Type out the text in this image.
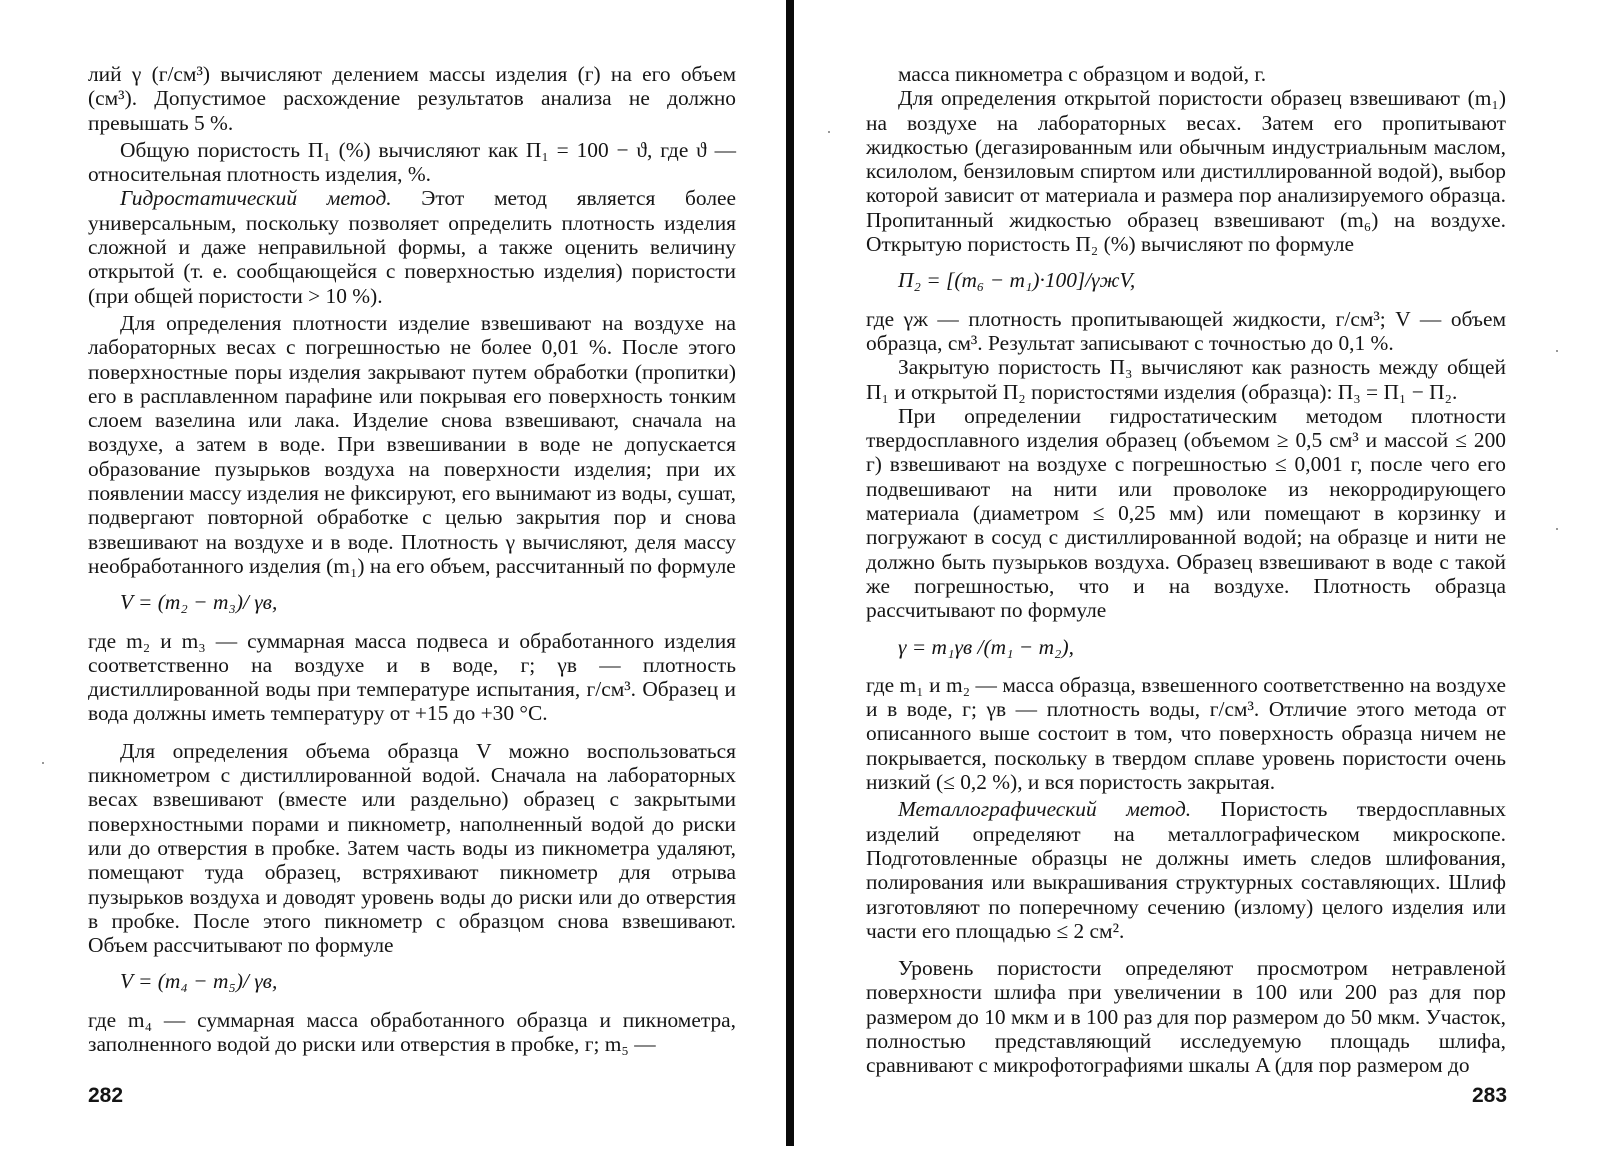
лий γ (г/см³) вычисляют делением массы изделия (г) на его объем (см³). Допустимое расхождение результатов анализа не должно превышать 5 %.

Общую пористость П₁ (%) вычисляют как П₁ = 100 − ϑ, где ϑ — относительная плотность изделия, %.

Гидростатический метод. Этот метод является более универсальным, поскольку позволяет определить плотность изделия сложной и даже неправильной формы, а также оценить величину открытой (т. е. сообщающейся с поверхностью изделия) пористости (при общей пористости > 10 %).

Для определения плотности изделие взвешивают на воздухе на лабораторных весах с погрешностью не более 0,01 %. После этого поверхностные поры изделия закрывают путем обработки (пропитки) его в расплавленном парафине или покрывая его поверхность тонким слоем вазелина или лака. Изделие снова взвешивают, сначала на воздухе, а затем в воде. При взвешивании в воде не допускается образование пузырьков воздуха на поверхности изделия; при их появлении массу изделия не фиксируют, его вынимают из воды, сушат, подвергают повторной обработке с целью закрытия пор и снова взвешивают на воздухе и в воде. Плотность γ вычисляют, деля массу необработанного изделия (m₁) на его объем, рассчитанный по формуле

V = (m₂ − m₃)/ γв,

где m₂ и m₃ — суммарная масса подвеса и обработанного изделия соответственно на воздухе и в воде, г; γв — плотность дистиллированной воды при температуре испытания, г/см³. Образец и вода должны иметь температуру от +15 до +30 °C.

Для определения объема образца V можно воспользоваться пикнометром с дистиллированной водой. Сначала на лабораторных весах взвешивают (вместе или раздельно) образец с закрытыми поверхностными порами и пикнометр, наполненный водой до риски или до отверстия в пробке. Затем часть воды из пикнометра удаляют, помещают туда образец, встряхивают пикнометр для отрыва пузырьков воздуха и доводят уровень воды до риски или до отверстия в пробке. После этого пикнометр с образцом снова взвешивают. Объем рассчитывают по формуле

V = (m₄ − m₅)/ γв,

где m₄ — суммарная масса обработанного образца и пикнометра, заполненного водой до риски или отверстия в пробке, г; m₅ —

282

масса пикнометра с образцом и водой, г.

Для определения открытой пористости образец взвешивают (m₁) на воздухе на лабораторных весах. Затем его пропитывают жидкостью (дегазированным или обычным индустриальным маслом, ксилолом, бензиловым спиртом или дистиллированной водой), выбор которой зависит от материала и размера пор анализируемого образца. Пропитанный жидкостью образец взвешивают (m₆) на воздухе. Открытую пористость П₂ (%) вычисляют по формуле

П₂ = [(m₆ − m₁)·100]/γжV,

где γж — плотность пропитывающей жидкости, г/см³; V — объем образца, см³. Результат записывают с точностью до 0,1 %.

Закрытую пористость П₃ вычисляют как разность между общей П₁ и открытой П₂ пористостями изделия (образца): П₃ = П₁ − П₂.

При определении гидростатическим методом плотности твердосплавного изделия образец (объемом ≥ 0,5 см³ и массой ≤ 200 г) взвешивают на воздухе с погрешностью ≤ 0,001 г, после чего его подвешивают на нити или проволоке из некорродирующего материала (диаметром ≤ 0,25 мм) или помещают в корзинку и погружают в сосуд с дистиллированной водой; на образце и нити не должно быть пузырьков воздуха. Образец взвешивают в воде с такой же погрешностью, что и на воздухе. Плотность образца рассчитывают по формуле

γ = m₁γв /(m₁ − m₂),

где m₁ и m₂ — масса образца, взвешенного соответственно на воздухе и в воде, г; γв — плотность воды, г/см³. Отличие этого метода от описанного выше состоит в том, что поверхность образца ничем не покрывается, поскольку в твердом сплаве уровень пористости очень низкий (≤ 0,2 %), и вся пористость закрытая.

Металлографический метод. Пористость твердосплавных изделий определяют на металлографическом микроскопе. Подготовленные образцы не должны иметь следов шлифования, полирования или выкрашивания структурных составляющих. Шлиф изготовляют по поперечному сечению (излому) целого изделия или части его площадью ≤ 2 см².

Уровень пористости определяют просмотром нетравленой поверхности шлифа при увеличении в 100 или 200 раз для пор размером до 10 мкм и в 100 раз для пор размером до 50 мкм. Участок, полностью представляющий исследуемую площадь шлифа, сравнивают с микрофотографиями шкалы A (для пор размером до

283
